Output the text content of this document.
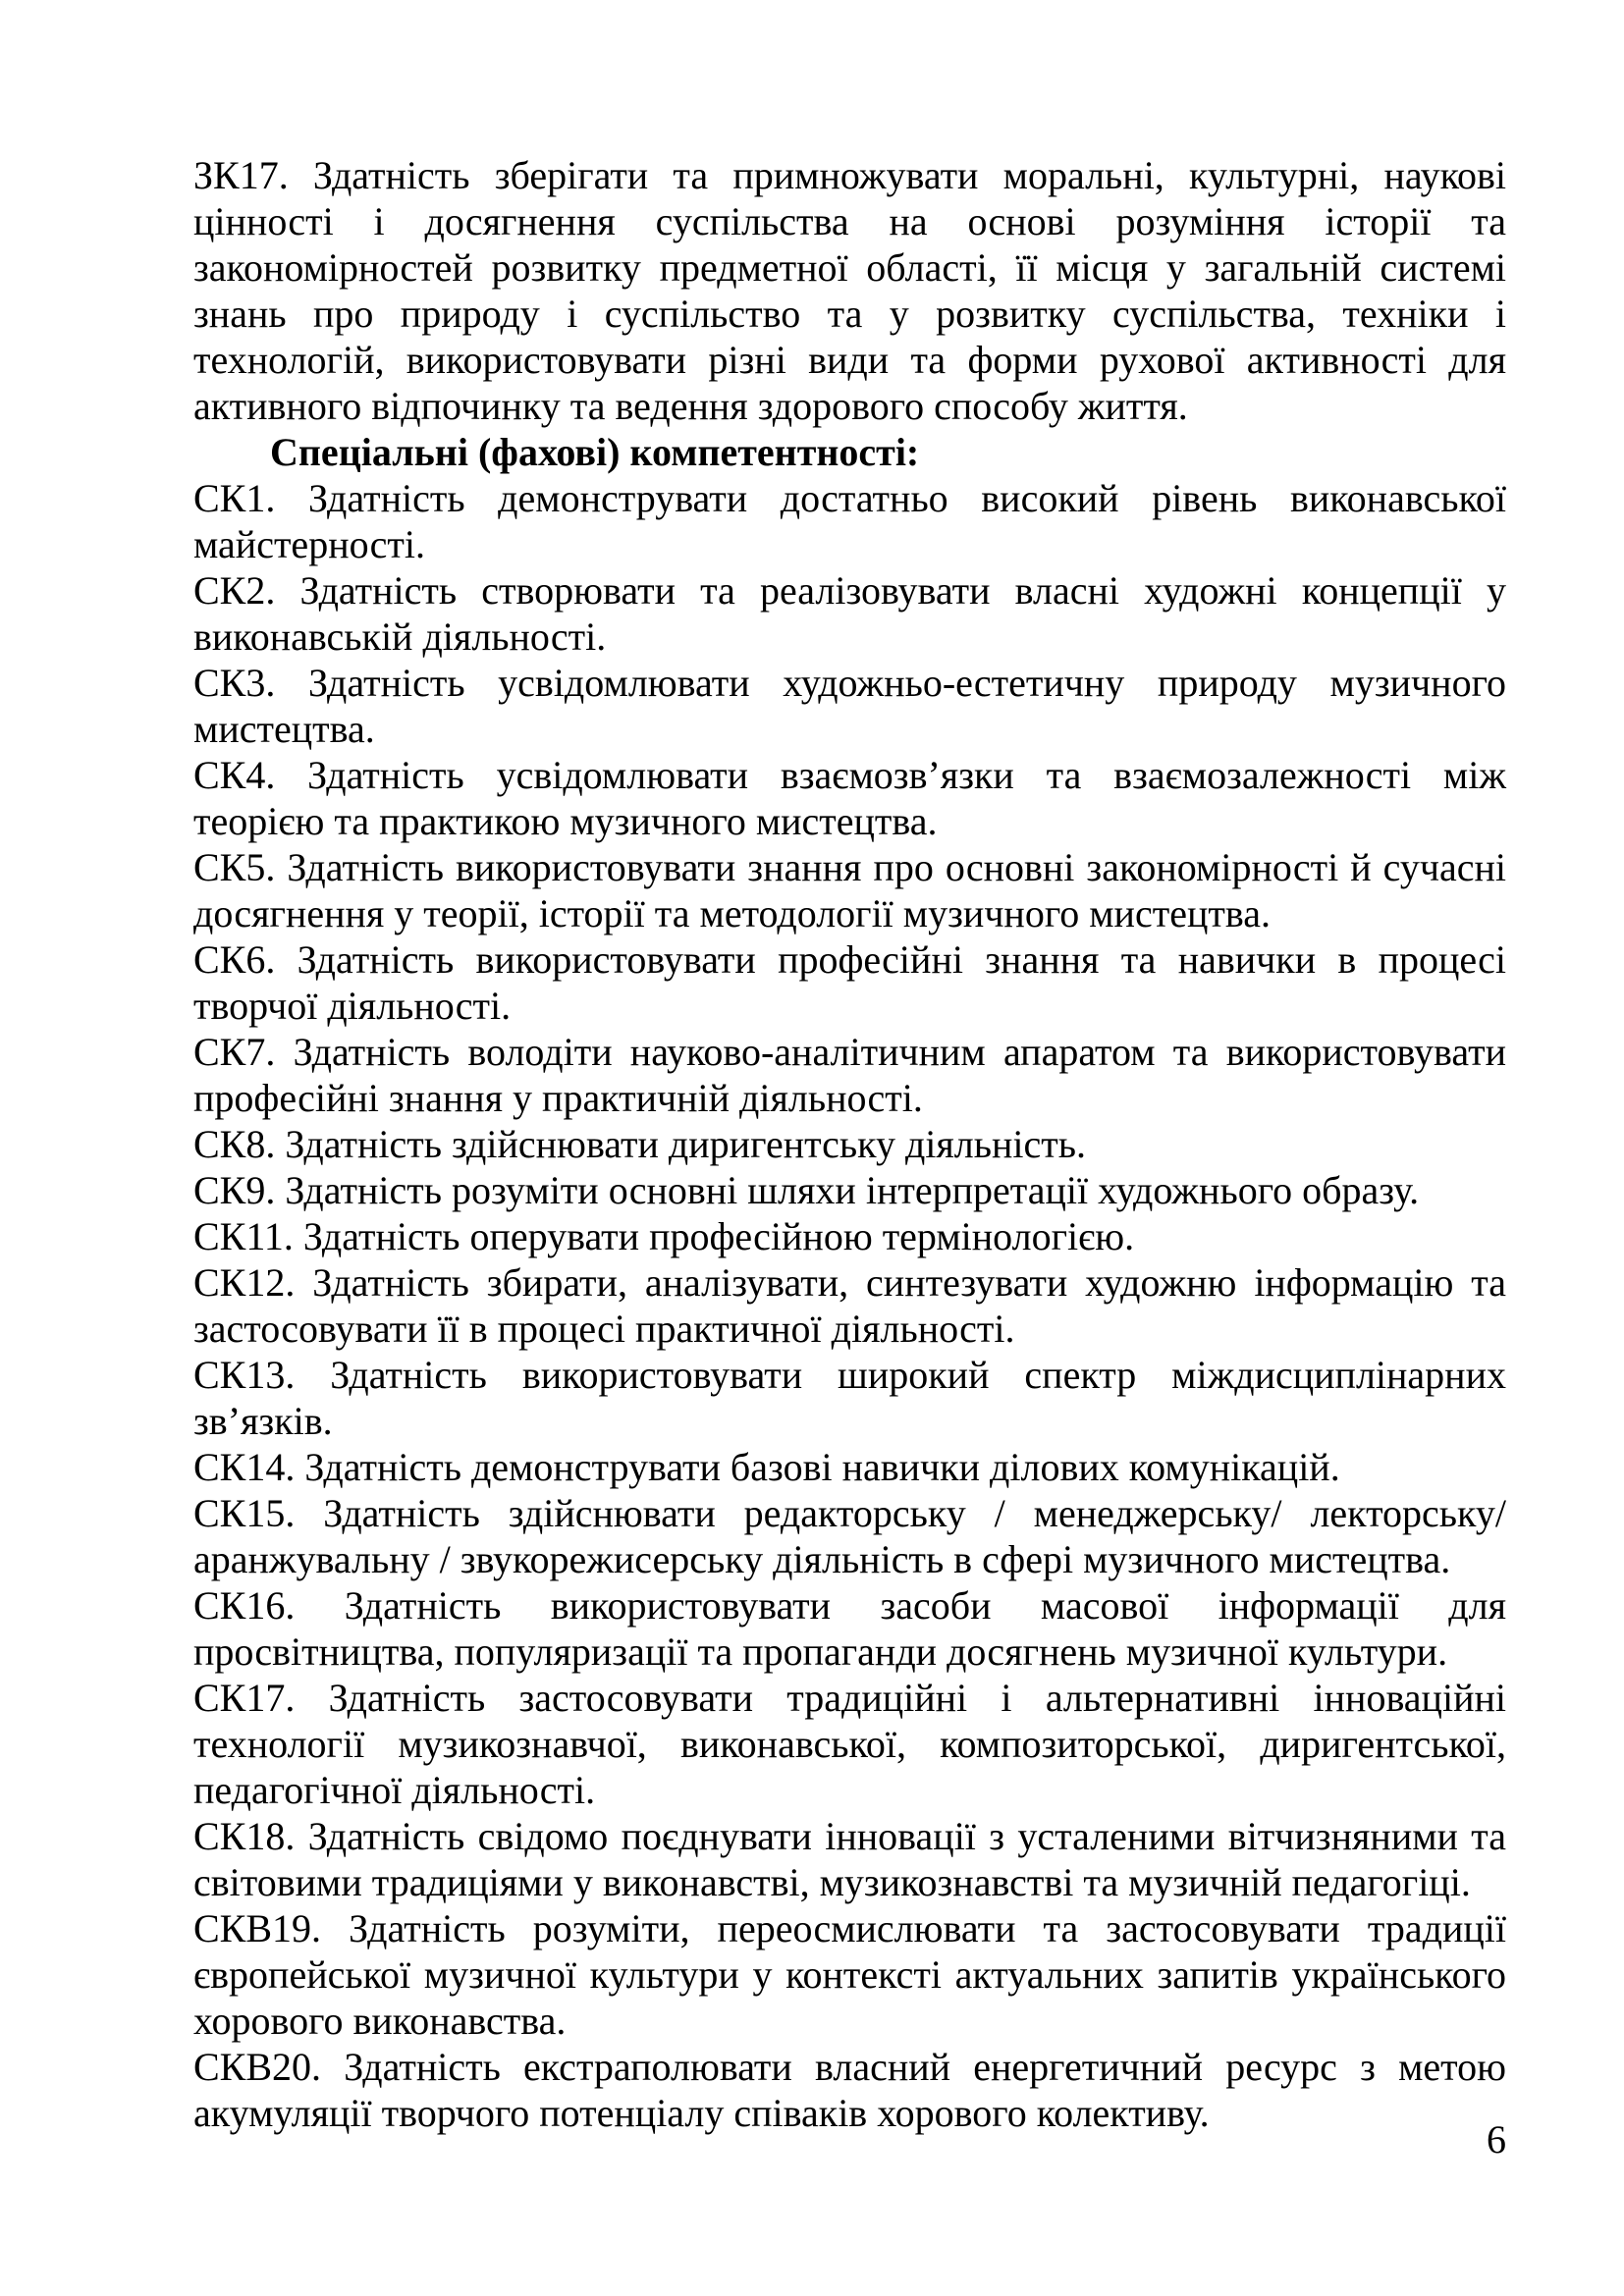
ЗК17. Здатність зберігати та примножувати моральні, культурні, наукові цінності і досягнення суспільства на основі розуміння історії та закономірностей розвитку предметної області, її місця у загальній системі знань про природу і суспільство та у розвитку суспільства, техніки і технологій, використовувати різні види та форми рухової активності для активного відпочинку та ведення здорового способу життя.

Спеціальні (фахові) компетентності:

СК1. Здатність демонструвати достатньо високий рівень виконавської майстерності.

СК2. Здатність створювати та реалізовувати власні художні концепції у виконавській діяльності.

СК3. Здатність усвідомлювати художньо-естетичну природу музичного мистецтва.

СК4. Здатність усвідомлювати взаємозв’язки та взаємозалежності між теорією та практикою музичного мистецтва.

СК5. Здатність використовувати знання про основні закономірності й сучасні досягнення у теорії, історії та методології музичного мистецтва.

СК6. Здатність використовувати професійні знання та навички в процесі творчої діяльності.

СК7. Здатність володіти науково-аналітичним апаратом та використовувати професійні знання у практичній діяльності.

СК8. Здатність здійснювати диригентську діяльність.

СК9. Здатність розуміти основні шляхи інтерпретації художнього образу.

СК11. Здатність оперувати професійною термінологією.

СК12. Здатність збирати, аналізувати, синтезувати художню інформацію та застосовувати її в процесі практичної діяльності.

СК13. Здатність використовувати широкий спектр міждисциплінарних зв’язків.

СК14. Здатність демонструвати базові навички ділових комунікацій.

СК15. Здатність здійснювати редакторську / менеджерську/ лекторську/ аранжувальну / звукорежисерську діяльність в сфері музичного мистецтва.

СК16. Здатність використовувати засоби масової інформації для просвітництва, популяризації та пропаганди досягнень музичної культури.

СК17. Здатність застосовувати традиційні і альтернативні інноваційні технології музикознавчої, виконавської, композиторської, диригентської, педагогічної діяльності.

СК18. Здатність свідомо поєднувати інновації з усталеними вітчизняними та світовими традиціями у виконавстві, музикознавстві та музичній педагогіці.

СКВ19. Здатність розуміти, переосмислювати та застосовувати традиції європейської музичної культури у контексті актуальних запитів українського хорового виконавства.

СКВ20. Здатність екстраполювати власний енергетичний ресурс з метою акумуляції творчого потенціалу співаків хорового колективу.

6
